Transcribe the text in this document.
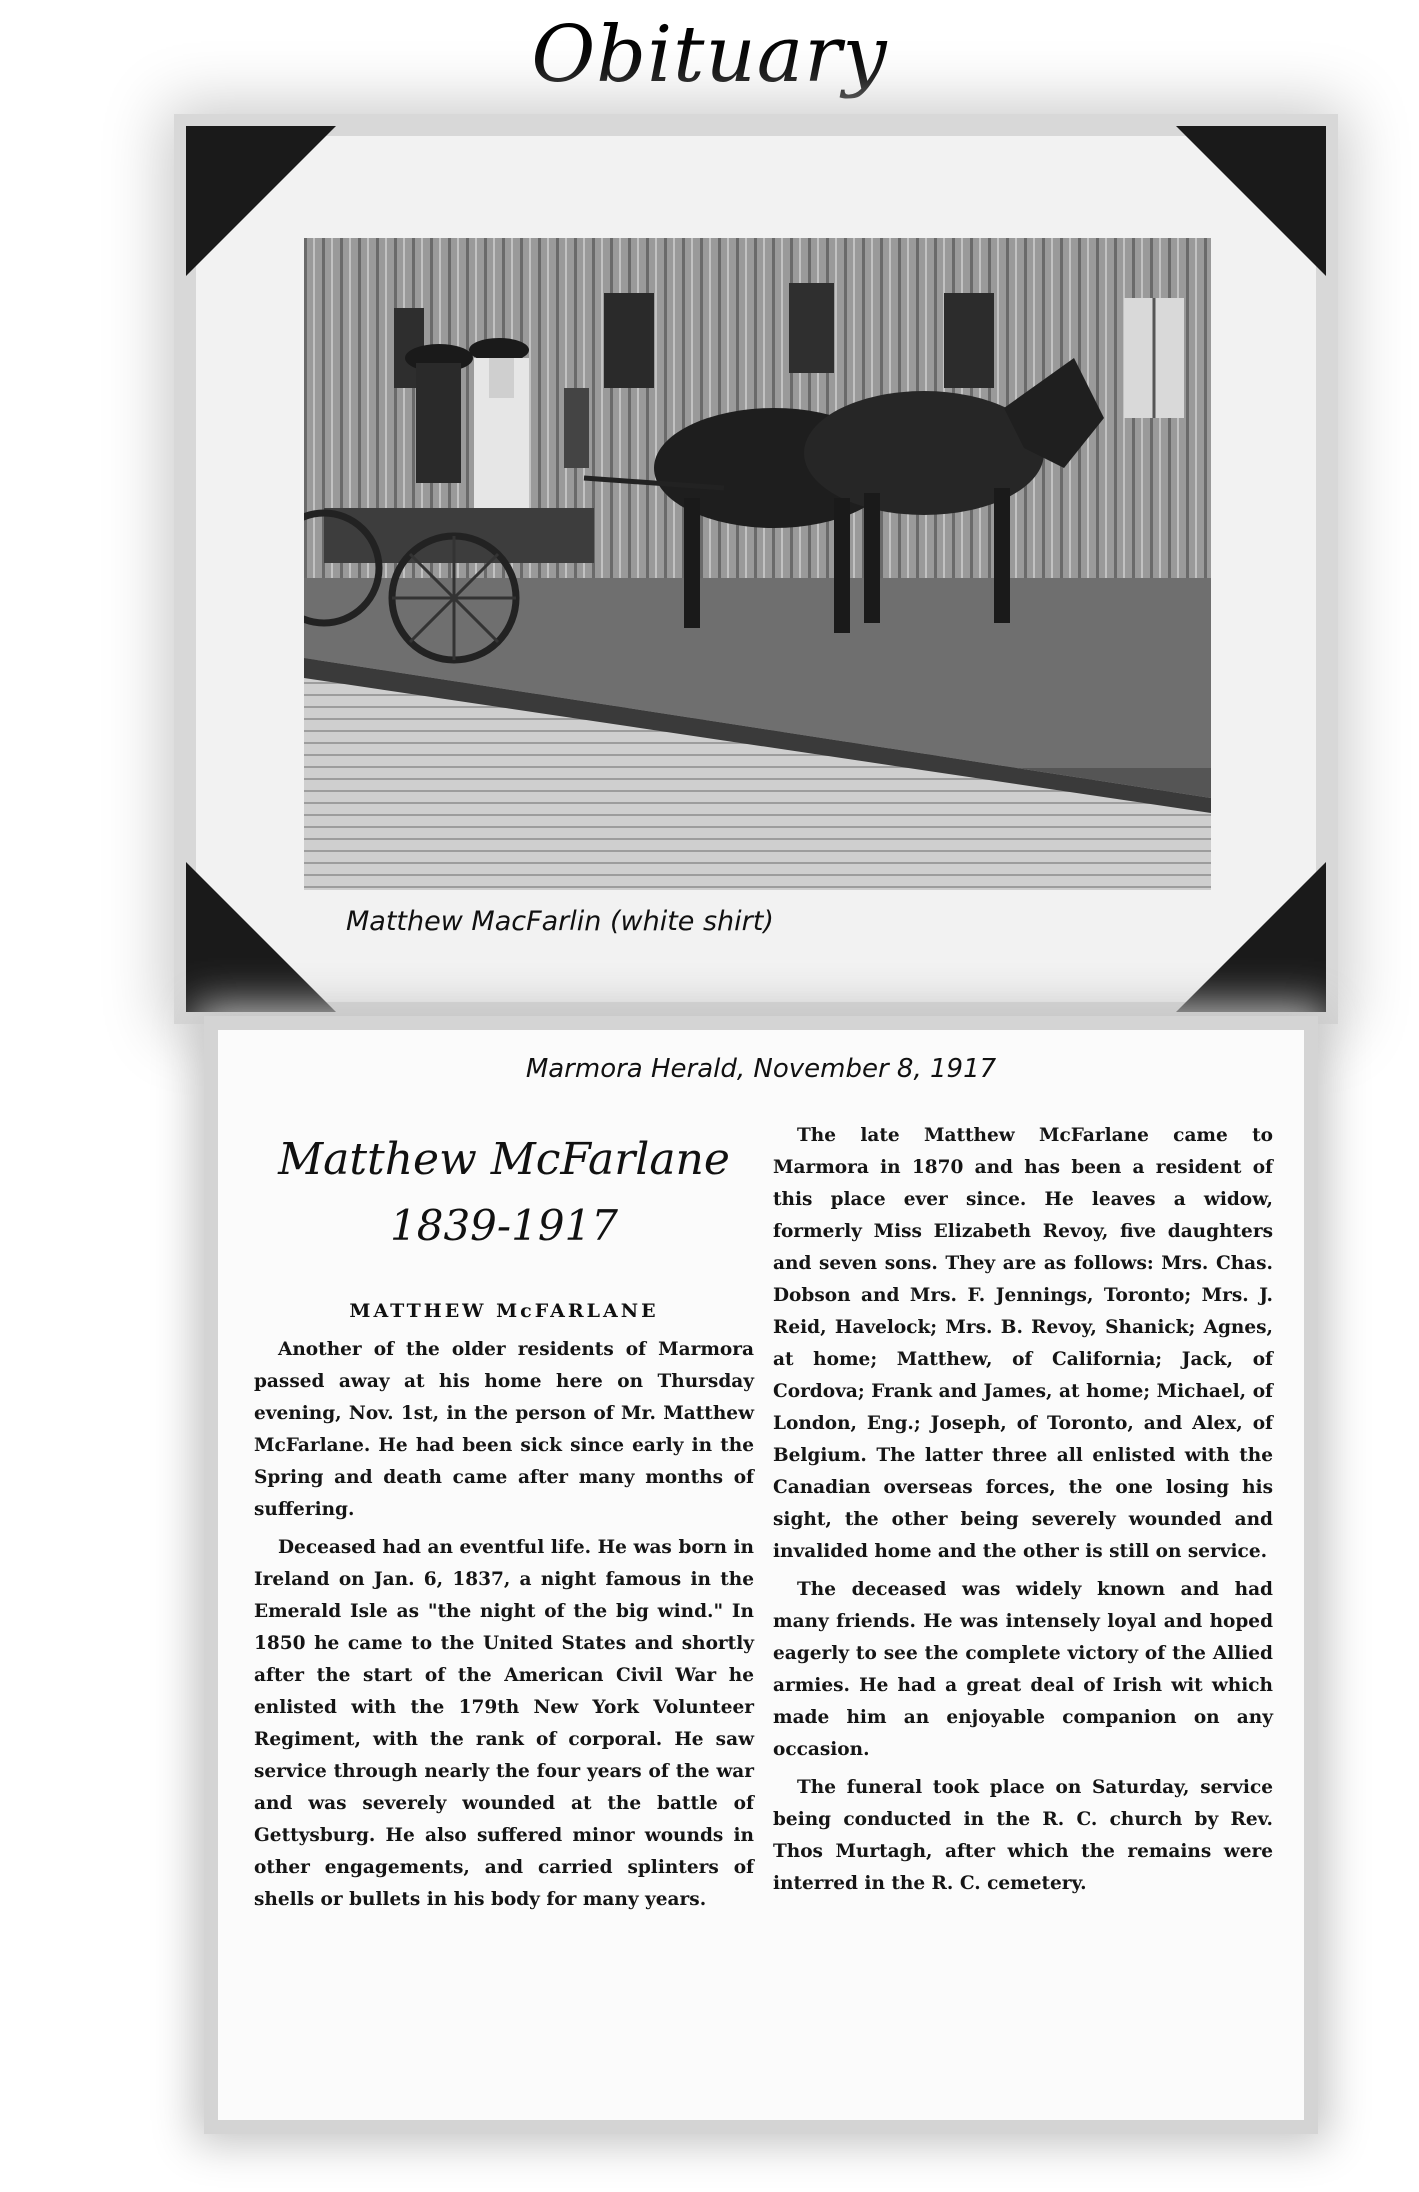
Obituary
Matthew MacFarlin (white shirt)
Marmora Herald, November 8, 1917
Matthew McFarlane
1839-1917
MATTHEW McFARLANE

Another of the older residents of Marmora passed away at his home here on Thursday evening, Nov. 1st, in the person of Mr. Matthew McFarlane. He had been sick since early in the Spring and death came after many months of suffering.

Deceased had an eventful life. He was born in Ireland on Jan. 6, 1837, a night famous in the Emerald Isle as "the night of the big wind." In 1850 he came to the United States and shortly after the start of the American Civil War he enlisted with the 179th New York Volunteer Regiment, with the rank of corporal. He saw service through nearly the four years of the war and was severely wounded at the battle of Gettysburg. He also suffered minor wounds in other engagements, and carried splinters of shells or bullets in his body for many years.

The late Matthew McFarlane came to Marmora in 1870 and has been a resident of this place ever since. He leaves a widow, formerly Miss Elizabeth Revoy, five daughters and seven sons. They are as follows: Mrs. Chas. Dobson and Mrs. F. Jennings, Toronto; Mrs. J. Reid, Havelock; Mrs. B. Revoy, Shanick; Agnes, at home; Matthew, of California; Jack, of Cordova; Frank and James, at home; Michael, of London, Eng.; Joseph, of Toronto, and Alex, of Belgium. The latter three all enlisted with the Canadian overseas forces, the one losing his sight, the other being severely wounded and invalided home and the other is still on service.

The deceased was widely known and had many friends. He was intensely loyal and hoped eagerly to see the complete victory of the Allied armies. He had a great deal of Irish wit which made him an enjoyable companion on any occasion.

The funeral took place on Saturday, service being conducted in the R. C. church by Rev. Thos Murtagh, after which the remains were interred in the R. C. cemetery.
